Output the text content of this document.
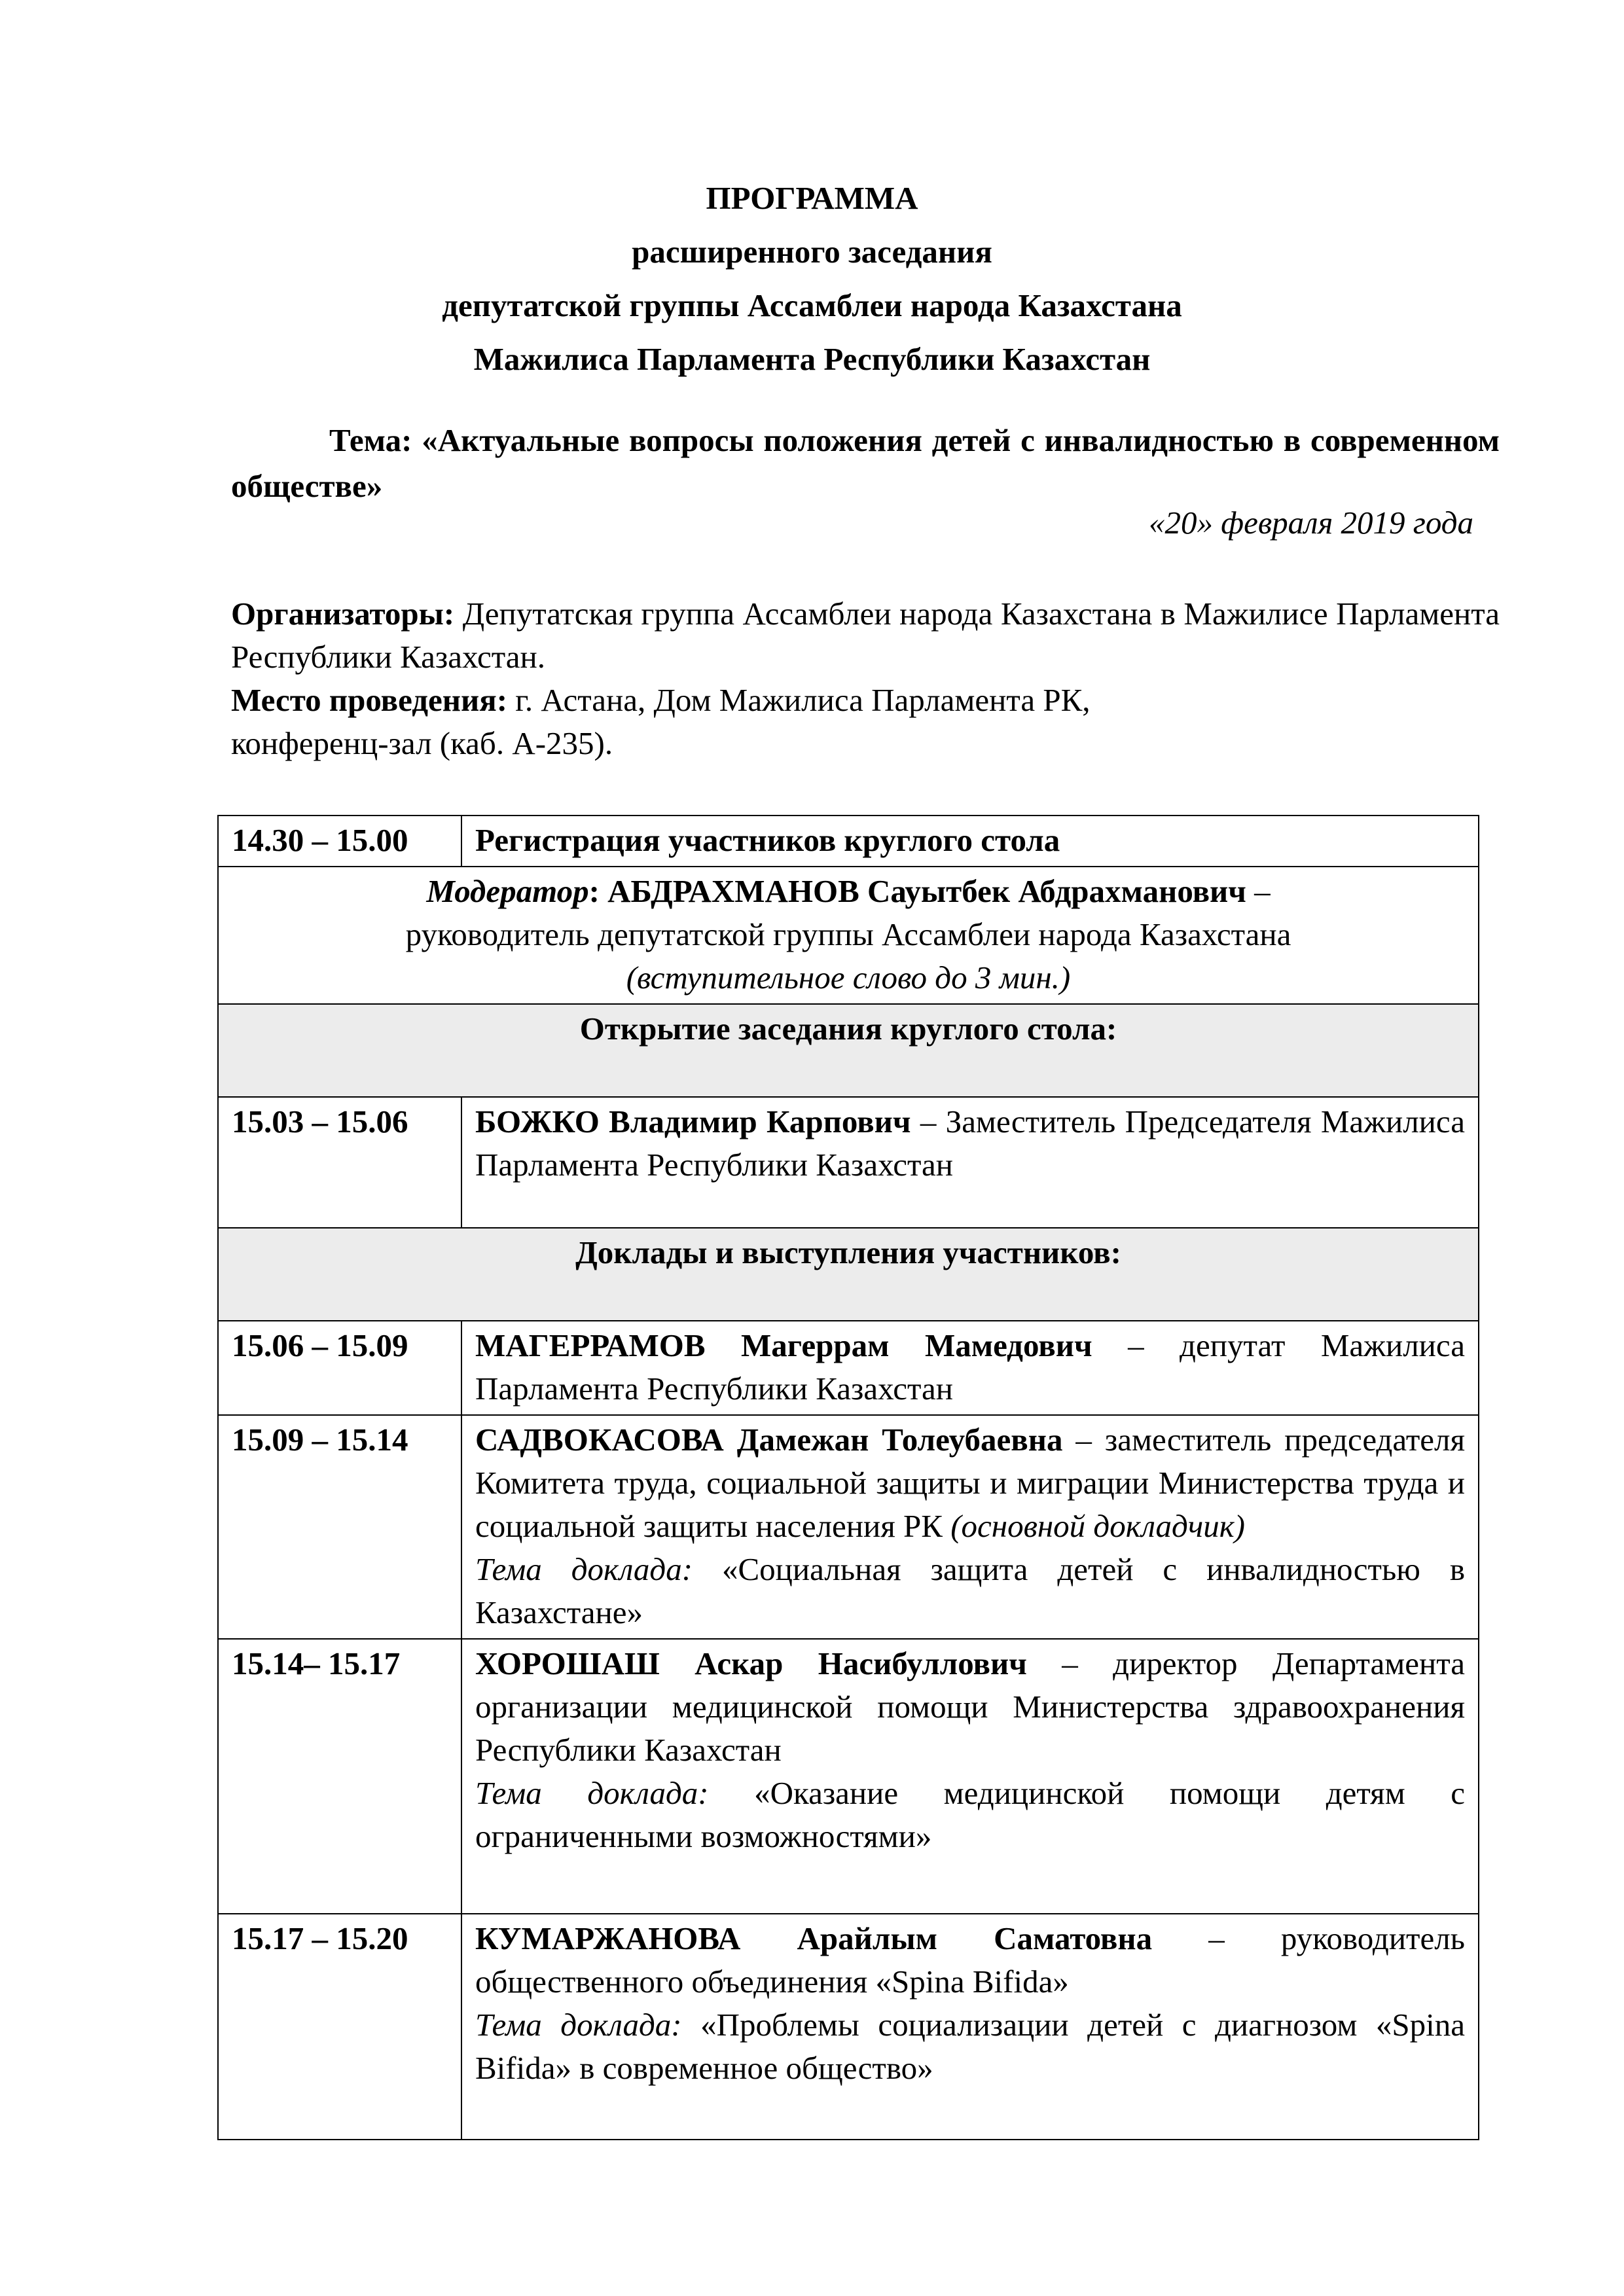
ПРОГРАММА
расширенного заседания
депутатской группы Ассамблеи народа Казахстана
Мажилиса Парламента Республики Казахстан
Тема: «Актуальные вопросы положения детей с инвалидностью в современном обществе»
«20» февраля 2019 года

Организаторы: Депутатская группа Ассамблеи народа Казахстана в Мажилисе Парламента Республики Казахстан.

Место проведения: г. Астана, Дом Мажилиса Парламента РК,
конференц-зал (каб. А-235).

14.30 – 15.00	Регистрация участников круглого стола
Модератор: АБДРАХМАНОВ Сауытбек Абдрахманович –
руководитель депутатской группы Ассамблеи народа Казахстана
(вступительное слово до 3 мин.)	
Открытие заседания круглого стола:	
15.03 – 15.06	БОЖКО Владимир Карпович – Заместитель Председателя Мажилиса Парламента Республики Казахстан
Доклады и выступления участников:	
15.06 – 15.09	МАГЕРРАМОВ Магеррам Мамедович – депутат Мажилиса Парламента Республики Казахстан
15.09 – 15.14	САДВОКАСОВА Дамежан Толеубаевна – заместитель председателя Комитета труда, социальной защиты и миграции Министерства труда и социальной защиты населения РК (основной докладчик)
Тема доклада: «Социальная защита детей с инвалидностью в Казахстане»
15.14– 15.17	ХОРОШАШ Аскар Насибуллович – директор Департамента организации медицинской помощи Министерства здравоохранения Республики Казахстан
Тема доклада: «Оказание медицинской помощи детям с ограниченными возможностями»
15.17 – 15.20	КУМАРЖАНОВА Арайлым Саматовна – руководитель общественного объединения «Spina Bifida»
Тема доклада: «Проблемы социализации детей с диагнозом «Spina Bifida» в современное общество»
